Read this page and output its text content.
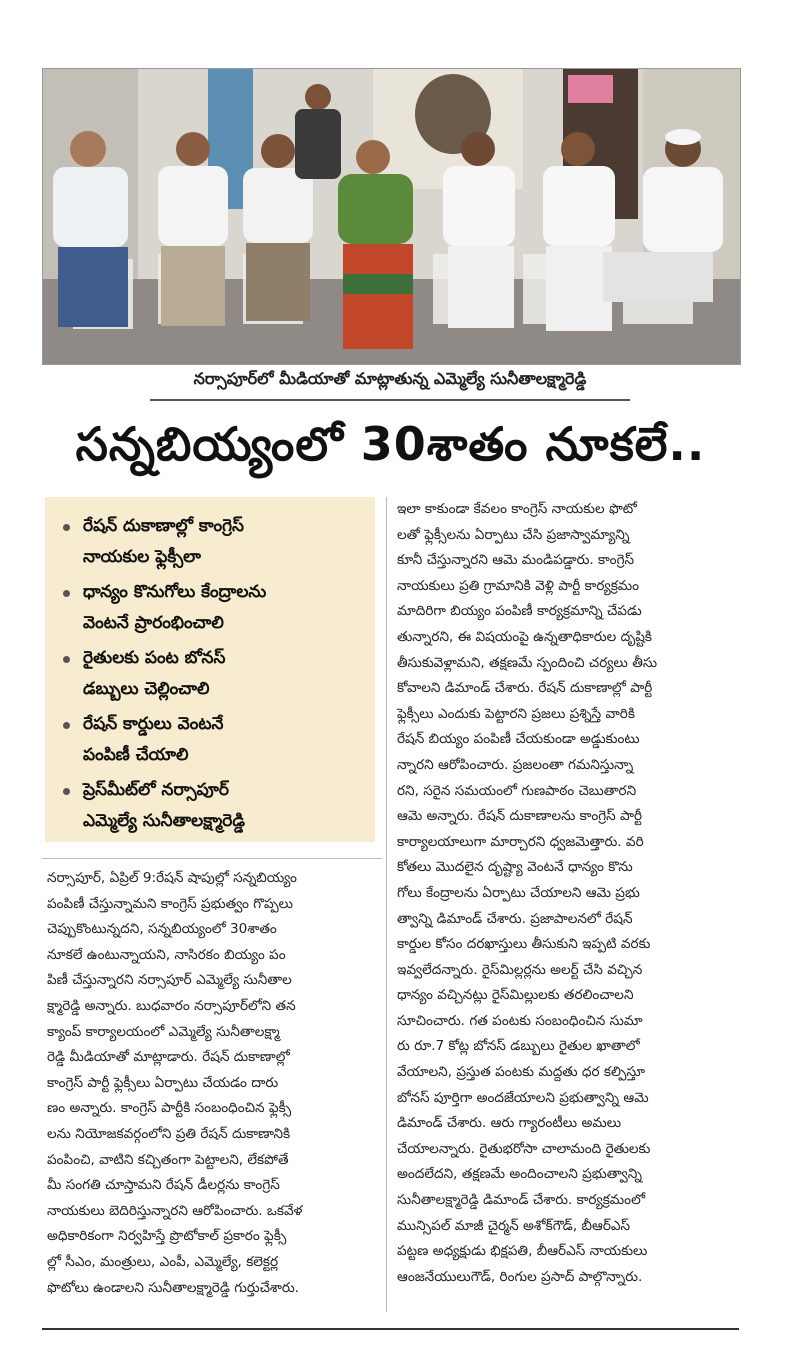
నర్సాపూర్‌లో మీడియాతో మాట్లాతున్న ఎమ్మెల్యే సునీతాలక్ష్మారెడ్డి
సన్నబియ్యంలో 30శాతం నూకలే..
రేషన్ దుకాణాల్లో కాంగ్రెస్
నాయకుల ఫ్లెక్సీలా
ధాన్యం కొనుగోలు కేంద్రాలను
వెంటనే ప్రారంభించాలి
రైతులకు పంట బోనస్
డబ్బులు చెల్లించాలి
రేషన్ కార్డులు వెంటనే
పంపిణీ చేయాలి
ప్రెస్‌మీట్‌లో నర్సాపూర్
ఎమ్మెల్యే సునీతాలక్ష్మారెడ్డి
నర్సాపూర్, ఏప్రిల్ 9:రేషన్ షాపుల్లో సన్నబియ్యం
పంపిణీ చేస్తున్నామని కాంగ్రెస్ ప్రభుత్వం గొప్పలు
చెప్పుకొంటున్నదని, సన్నబియ్యంలో 30శాతం
నూకలే ఉంటున్నాయని, నాసిరకం బియ్యం పం
పిణీ చేస్తున్నారని నర్సాపూర్ ఎమ్మెల్యే సునీతాల
క్ష్మారెడ్డి అన్నారు. బుధవారం నర్సాపూర్‌లోని తన
క్యాంప్ కార్యాలయంలో ఎమ్మెల్యే సునీతాలక్ష్మా
రెడ్డి మీడియాతో మాట్లాడారు. రేషన్ దుకాణాల్లో
కాంగ్రెస్ పార్టీ ఫ్లెక్సీలు ఏర్పాటు చేయడం దారు
ణం అన్నారు. కాంగ్రెస్ పార్టీకి సంబంధించిన ఫ్లెక్సీ
లను నియోజకవర్గంలోని ప్రతి రేషన్ దుకాణానికి
పంపించి, వాటిని కచ్చితంగా పెట్టాలని, లేకపోతే
మీ సంగతి చూస్తామని రేషన్ డీలర్లను కాంగ్రెస్
నాయకులు బెదిరిస్తున్నారని ఆరోపించారు. ఒకవేళ
అధికారికంగా నిర్వహిస్తే ప్రొటోకాల్ ప్రకారం ఫ్లెక్సీ
ల్లో సీఎం, మంత్రులు, ఎంపీ, ఎమ్మెల్యే, కలెక్టర్ల
ఫొటోలు ఉండాలని సునీతాలక్ష్మారెడ్డి గుర్తుచేశారు.
ఇలా కాకుండా కేవలం కాంగ్రెస్ నాయకుల ఫొటో
లతో ఫ్లెక్సీలను ఏర్పాటు చేసి ప్రజాస్వామ్యాన్ని
కూనీ చేస్తున్నారని ఆమె మండిపడ్డారు. కాంగ్రెస్
నాయకులు ప్రతి గ్రామానికి వెళ్లి పార్టీ కార్యక్రమం
మాదిరిగా బియ్యం పంపిణీ కార్యక్రమాన్ని చేపడు
తున్నారని, ఈ విషయంపై ఉన్నతాధికారుల దృష్టికి
తీసుకువెళ్లామని, తక్షణమే స్పందించి చర్యలు తీసు
కోవాలని డిమాండ్ చేశారు. రేషన్ దుకాణాల్లో పార్టీ
ఫ్లెక్సీలు ఎందుకు పెట్టారని ప్రజలు ప్రశ్నిస్తే వారికి
రేషన్ బియ్యం పంపిణీ చేయకుండా అడ్డుకుంటు
న్నారని ఆరోపించారు. ప్రజలంతా గమనిస్తున్నా
రని, సరైన సమయంలో గుణపాఠం చెబుతారని
ఆమె అన్నారు. రేషన్ దుకాణాలను కాంగ్రెస్ పార్టీ
కార్యాలయాలుగా మార్చారని ధ్వజమెత్తారు. వరి
కోతలు మొదలైన దృష్ట్యా వెంటనే ధాన్యం కొను
గోలు కేంద్రాలను ఏర్పాటు చేయాలని ఆమె ప్రభు
త్వాన్ని డిమాండ్ చేశారు. ప్రజాపాలనలో రేషన్
కార్డుల కోసం దరఖాస్తులు తీసుకుని ఇప్పటి వరకు
ఇవ్వలేదన్నారు. రైస్‌మిల్లర్లను అలర్ట్ చేసి వచ్చిన
ధాన్యం వచ్చినట్లు రైస్‌మిల్లులకు తరలించాలని
సూచించారు. గత పంటకు సంబంధించిన సుమా
రు రూ.7 కోట్ల బోనస్ డబ్బులు రైతుల ఖాతాలో
వేయాలని, ప్రస్తుత పంటకు మద్దతు ధర కల్పిస్తూ
బోనస్ పూర్తిగా అందజేయాలని ప్రభుత్వాన్ని ఆమె
డిమాండ్ చేశారు. ఆరు గ్యారంటీలు అమలు
చేయాలన్నారు. రైతుభరోసా చాలామంది రైతులకు
అందలేదని, తక్షణమే అందించాలని ప్రభుత్వాన్ని
సునీతాలక్ష్మారెడ్డి డిమాండ్ చేశారు. కార్యక్రమంలో
మున్సిపల్ మాజీ చైర్మన్ అశోక్‌గౌడ్, బీఆర్‌ఎస్
పట్టణ అధ్యక్షుడు భిక్షపతి, బీఆర్‌ఎస్ నాయకులు
ఆంజనేయులుగౌడ్, రింగుల ప్రసాద్ పాల్గొన్నారు.
